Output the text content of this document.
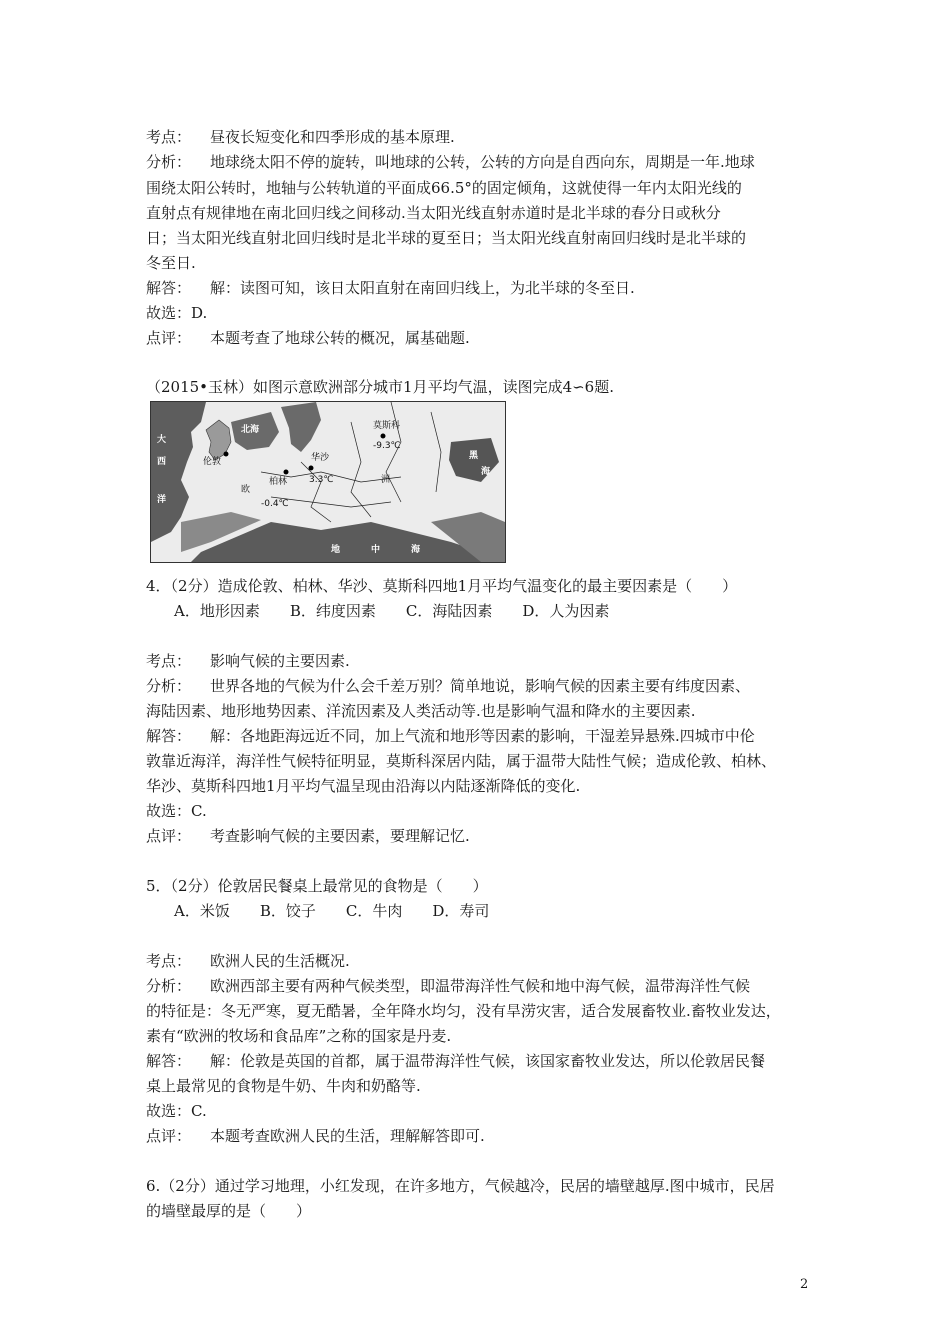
考点： 昼夜长短变化和四季形成的基本原理.
分析： 地球绕太阳不停的旋转，叫地球的公转，公转的方向是自西向东，周期是一年.地球
围绕太阳公转时，地轴与公转轨道的平面成66.5°的固定倾角，这就使得一年内太阳光线的
直射点有规律地在南北回归线之间移动.当太阳光线直射赤道时是北半球的春分日或秋分
日；当太阳光线直射北回归线时是北半球的夏至日；当太阳光线直射南回归线时是北半球的
冬至日.
解答： 解：读图可知，该日太阳直射在南回归线上，为北半球的冬至日.
故选：D.
点评： 本题考查了地球公转的概况，属基础题.
（2015•玉林）如图示意欧洲部分城市1月平均气温，读图完成4∽6题.
大
西
洋
北海
伦敦
柏林
华沙
莫斯科
-9.3℃
3.3℃
-0.4℃
欧
洲
黑
海
地	中	海
4．（2分）造成伦敦、柏林、华沙、莫斯科四地1月平均气温变化的最主要因素是（　　）
A．地形因素 B．纬度因素 C．海陆因素 D．人为因素
考点： 影响气候的主要因素.
分析： 世界各地的气候为什么会千差万别？简单地说，影响气候的因素主要有纬度因素、
海陆因素、地形地势因素、洋流因素及人类活动等.也是影响气温和降水的主要因素.
解答： 解：各地距海远近不同，加上气流和地形等因素的影响，干湿差异悬殊.四城市中伦
敦靠近海洋，海洋性气候特征明显，莫斯科深居内陆，属于温带大陆性气候；造成伦敦、柏林、
华沙、莫斯科四地1月平均气温呈现由沿海以内陆逐渐降低的变化.
故选：C.
点评： 考查影响气候的主要因素，要理解记忆.
5．（2分）伦敦居民餐桌上最常见的食物是（　　）
A．米饭 B．饺子 C．牛肉 D．寿司
考点： 欧洲人民的生活概况.
分析： 欧洲西部主要有两种气候类型，即温带海洋性气候和地中海气候，温带海洋性气候
的特征是：冬无严寒，夏无酷暑，全年降水均匀，没有旱涝灾害，适合发展畜牧业.畜牧业发达，
素有“欧洲的牧场和食品库”之称的国家是丹麦.
解答： 解：伦敦是英国的首都，属于温带海洋性气候，该国家畜牧业发达，所以伦敦居民餐
桌上最常见的食物是牛奶、牛肉和奶酪等.
故选：C.
点评： 本题考查欧洲人民的生活，理解解答即可.
6.（2分）通过学习地理，小红发现，在许多地方，气候越冷，民居的墙壁越厚.图中城市，民居
的墙壁最厚的是（　　）
2
